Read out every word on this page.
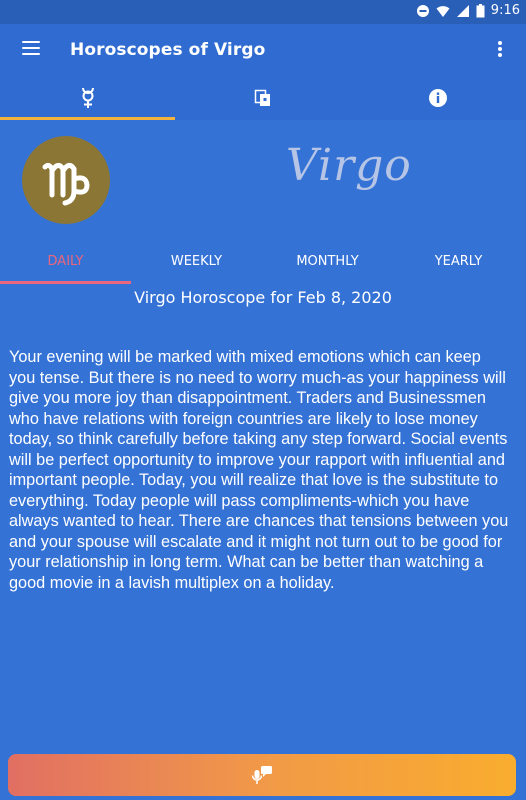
9:16
Horoscopes of Virgo
Virgo
DAILY	WEEKLY	MONTHLY	YEARLY
Virgo Horoscope for Feb 8, 2020
Your evening will be marked with mixed emotions which can keep you tense. But there is no need to worry much-as your happiness will give you more joy than disappointment. Traders and Businessmen who have relations with foreign countries are likely to lose money today, so think carefully before taking any step forward. Social events will be perfect opportunity to improve your rapport with influential and important people. Today, you will realize that love is the substitute to everything. Today people will pass compliments-which you have always wanted to hear. There are chances that tensions between you and your spouse will escalate and it might not turn out to be good for your relationship in long term. What can be better than watching a good movie in a lavish multiplex on a holiday.
